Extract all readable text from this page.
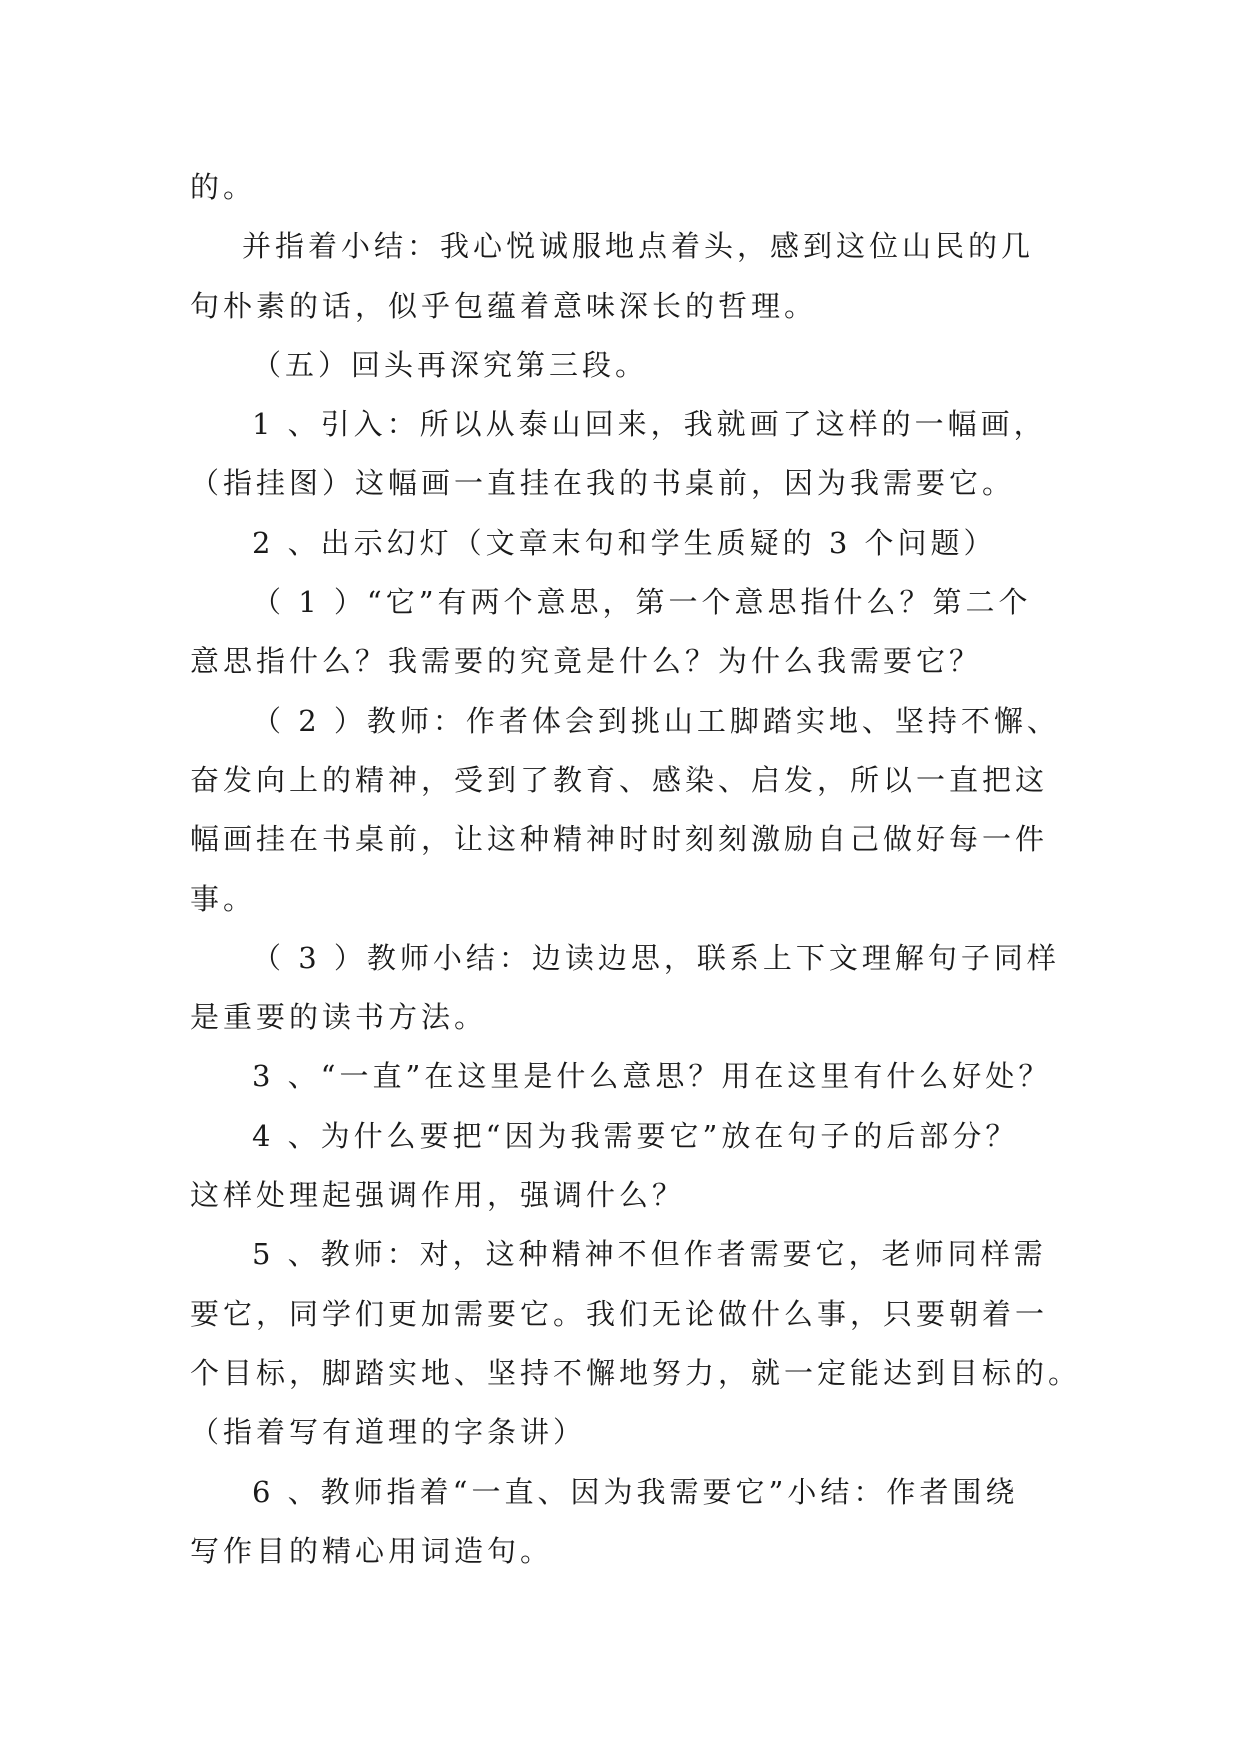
的。
并指着小结：我心悦诚服地点着头，感到这位山民的几
句朴素的话，似乎包蕴着意味深长的哲理。
（五）回头再深究第三段。
1 、引入：所以从泰山回来，我就画了这样的一幅画，
（指挂图）这幅画一直挂在我的书桌前，因为我需要它。
2 、出示幻灯（文章末句和学生质疑的 3 个问题）
（ 1 ）“它”有两个意思，第一个意思指什么？第二个
意思指什么？我需要的究竟是什么？为什么我需要它？
（ 2 ）教师：作者体会到挑山工脚踏实地、坚持不懈、
奋发向上的精神，受到了教育、感染、启发，所以一直把这
幅画挂在书桌前，让这种精神时时刻刻激励自己做好每一件
事。
（ 3 ）教师小结：边读边思，联系上下文理解句子同样
是重要的读书方法。
3 、“一直”在这里是什么意思？用在这里有什么好处？
4 、为什么要把“因为我需要它”放在句子的后部分？
这样处理起强调作用，强调什么？
5 、教师：对，这种精神不但作者需要它，老师同样需
要它，同学们更加需要它。我们无论做什么事，只要朝着一
个目标，脚踏实地、坚持不懈地努力，就一定能达到目标的。
（指着写有道理的字条讲）
6 、教师指着“一直、因为我需要它”小结：作者围绕
写作目的精心用词造句。
